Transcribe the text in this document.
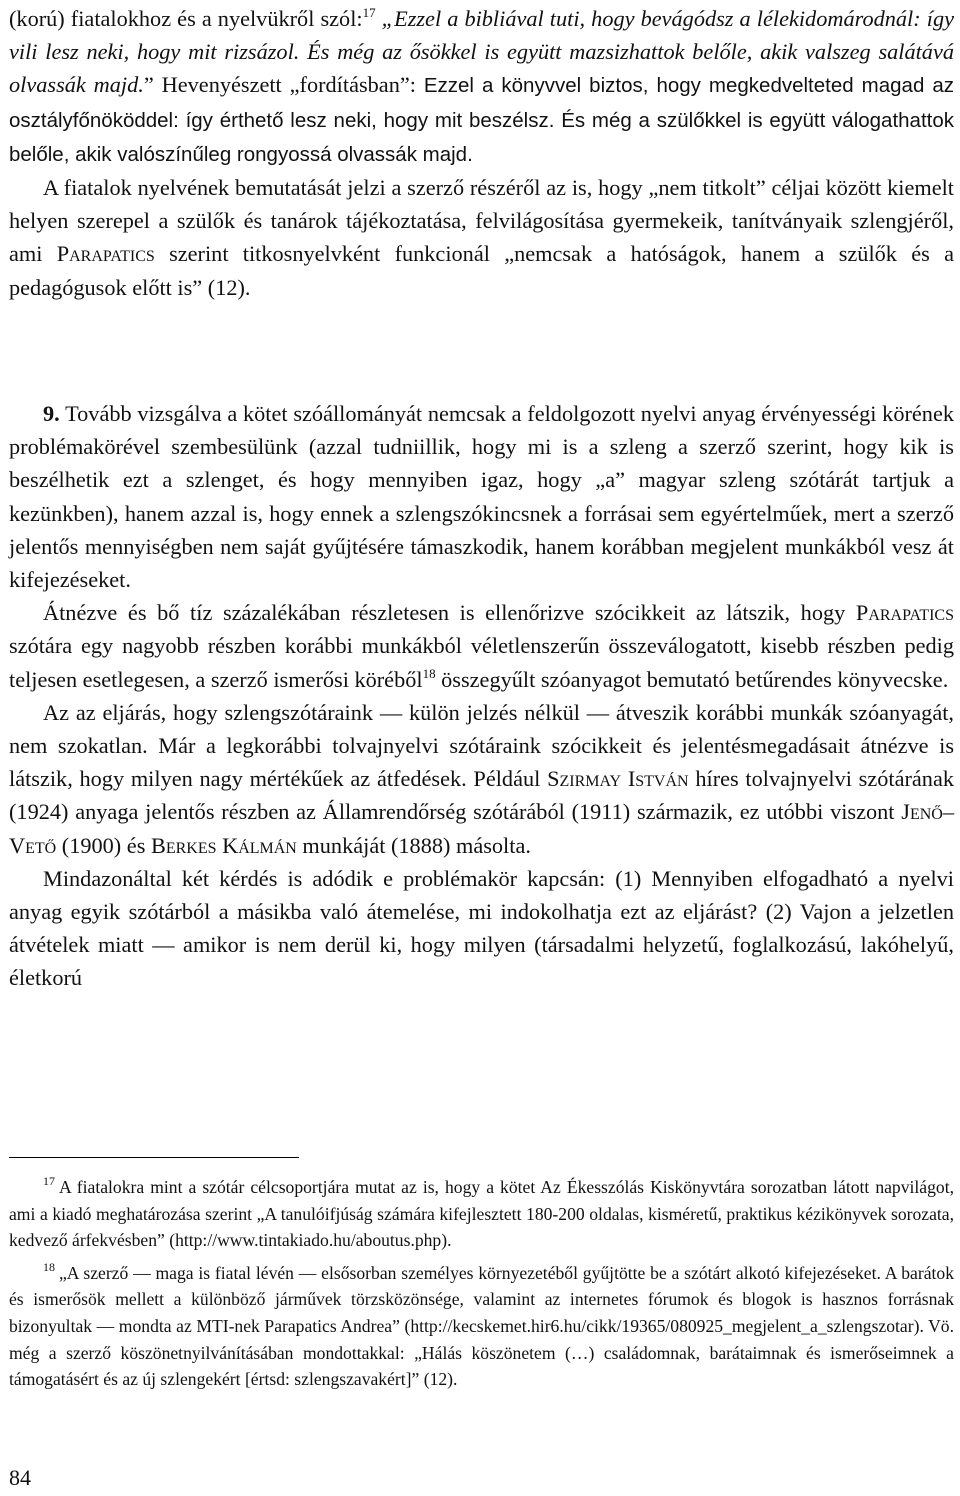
(korú) fiatalokhoz és a nyelvükről szól:$^{17}$ „Ezzel a bibliával tuti, hogy bevágódsz a lélekidomárodnál: így vili lesz neki, hogy mit rizsázol. És még az ősökkel is együtt mazsizhattok belőle, akik valszeg salátává olvassák majd.” Hevenyészett „fordításban”: Ezzel a könyvvel biztos, hogy megkedvelteted magad az osztályfőnököddel: így érthető lesz neki, hogy mit beszélsz. És még a szülőkkel is együtt válogathattok belőle, akik valószínűleg rongyossá olvassák majd.

A fiatalok nyelvének bemutatását jelzi a szerző részéről az is, hogy „nem titkolt” céljai között kiemelt helyen szerepel a szülők és tanárok tájékoztatása, felvilágosítása gyermekeik, tanítványaik szlengjéről, ami Parapatics szerint titkosnyelvként funkcionál „nemcsak a hatóságok, hanem a szülők és a pedagógusok előtt is” (12).

9. Tovább vizsgálva a kötet szóállományát nemcsak a feldolgozott nyelvi anyag érvényességi körének problémakörével szembesülünk (azzal tudniillik, hogy mi is a szleng a szerző szerint, hogy kik is beszélhetik ezt a szlenget, és hogy mennyiben igaz, hogy „a” magyar szleng szótárát tartjuk a kezünkben), hanem azzal is, hogy ennek a szlengszókincsnek a forrásai sem egyértelműek, mert a szerző jelentős mennyiségben nem saját gyűjtésére támaszkodik, hanem korábban megjelent munkákból vesz át kifejezéseket.

Átnézve és bő tíz százalékában részletesen is ellenőrizve szócikkeit az látszik, hogy Parapatics szótára egy nagyobb részben korábbi munkákból véletlenszerűn összeválogatott, kisebb részben pedig teljesen esetlegesen, a szerző ismerősi köréből$^{18}$ összegyűlt szóanyagot bemutató betűrendes könyvecske.

Az az eljárás, hogy szlengszótáraink — külön jelzés nélkül — átveszik korábbi munkák szóanyagát, nem szokatlan. Már a legkorábbi tolvajnyelvi szótáraink szócikkeit és jelentésmegadásait átnézve is látszik, hogy milyen nagy mértékűek az átfedések. Például Szirmay István híres tolvajnyelvi szótárának (1924) anyaga jelentős részben az Államrendőrség szótárából (1911) származik, ez utóbbi viszont Jenő–Vető (1900) és Berkes Kálmán munkáját (1888) másolta.

Mindazonáltal két kérdés is adódik e problémakör kapcsán: (1) Mennyiben elfogadható a nyelvi anyag egyik szótárból a másikba való átemelése, mi indokolhatja ezt az eljárást? (2) Vajon a jelzetlen átvételek miatt — amikor is nem derül ki, hogy milyen (társadalmi helyzetű, foglalkozású, lakóhelyű, életkorú

$^{17}$ A fiatalokra mint a szótár célcsoportjára mutat az is, hogy a kötet Az Ékesszólás Kiskönyvtára sorozatban látott napvilágot, ami a kiadó meghatározása szerint „A tanulóifjúság számára kifejlesztett 180-200 oldalas, kisméretű, praktikus kézikönyvek sorozata, kedvező árfekvésben” (http://www.tintakiado.hu/aboutus.php).

$^{18}$ „A szerző — maga is fiatal lévén — elsősorban személyes környezetéből gyűjtötte be a szótárt alkotó kifejezéseket. A barátok és ismerősök mellett a különböző járművek törzsközönsége, valamint az internetes fórumok és blogok is hasznos forrásnak bizonyultak — mondta az MTI-nek Parapatics Andrea” (http://kecskemet.hir6.hu/cikk/19365/080925_megjelent_a_szlengszotar). Vö. még a szerző köszönetnyilvánításában mondottakkal: „Hálás köszönetem (…) családomnak, barátaimnak és ismerőseimnek a támogatásért és az új szlengekért [értsd: szlengszavakért]” (12).

84
